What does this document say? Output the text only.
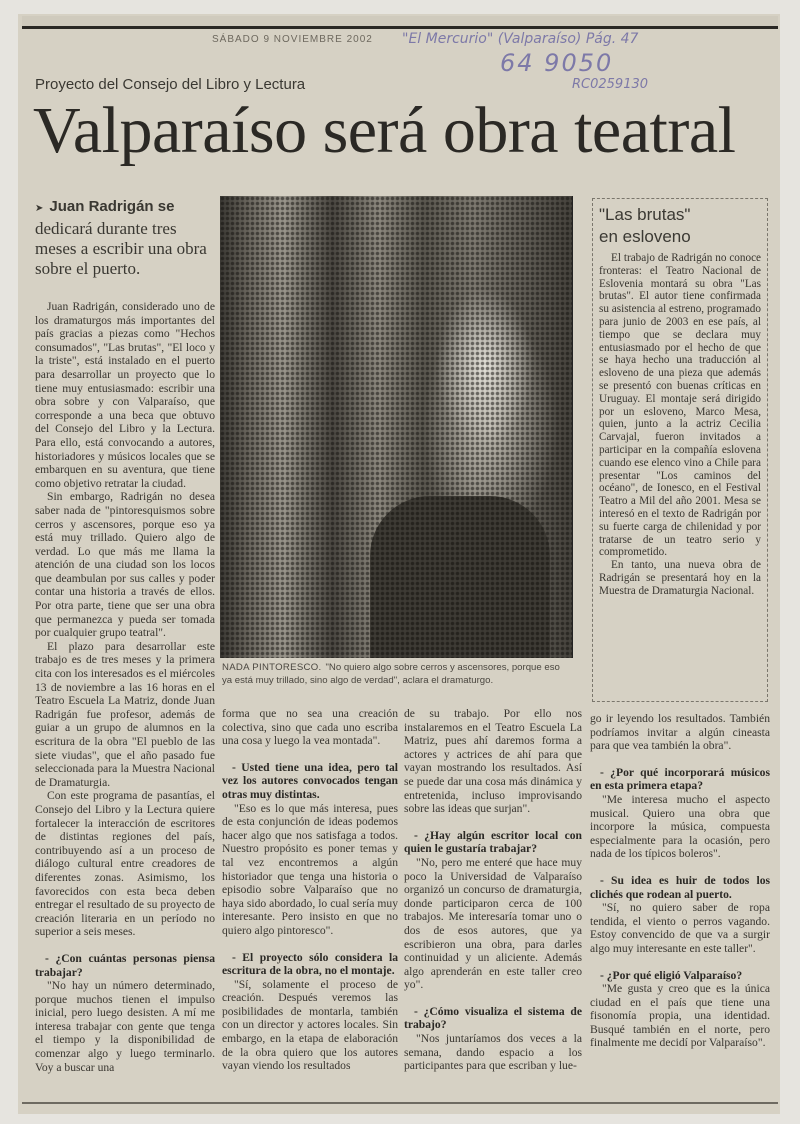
SÁBADO 9 NOVIEMBRE 2002 "El Mercurio" (Valparaíso) Pág. 47
64 9050
RC0259130
Proyecto del Consejo del Libro y Lectura
Valparaíso será obra teatral
➤ Juan Radrigán se dedicará durante tres meses a escribir una obra sobre el puerto.

Juan Radrigán, considerado uno de los dramaturgos más importantes del país gracias a piezas como "Hechos consumados", "Las brutas", "El loco y la triste", está instalado en el puerto para desarrollar un proyecto que lo tiene muy entusiasmado: escribir una obra sobre y con Valparaíso, que corresponde a una beca que obtuvo del Consejo del Libro y la Lectura. Para ello, está convocando a autores, historiadores y músicos locales que se embarquen en su aventura, que tiene como objetivo retratar la ciudad.

Sin embargo, Radrigán no desea saber nada de "pintoresquismos sobre cerros y ascensores, porque eso ya está muy trillado. Quiero algo de verdad. Lo que más me llama la atención de una ciudad son los locos que deambulan por sus calles y poder contar una historia a través de ellos. Por otra parte, tiene que ser una obra que permanezca y pueda ser tomada por cualquier grupo teatral".

El plazo para desarrollar este trabajo es de tres meses y la primera cita con los interesados es el miércoles 13 de noviembre a las 16 horas en el Teatro Escuela La Matriz, donde Juan Radrigán fue profesor, además de guiar a un grupo de alumnos en la escritura de la obra "El pueblo de las siete viudas", que el año pasado fue seleccionada para la Muestra Nacional de Dramaturgia.

Con este programa de pasantías, el Consejo del Libro y la Lectura quiere fortalecer la interacción de escritores de distintas regiones del país, contribuyendo así a un proceso de diálogo cultural entre creadores de diferentes zonas. Asimismo, los favorecidos con esta beca deben entregar el resultado de su proyecto de creación literaria en un período no superior a seis meses.

- ¿Con cuántas personas piensa trabajar?

"No hay un número determinado, porque muchos tienen el impulso inicial, pero luego desisten. A mí me interesa trabajar con gente que tenga el tiempo y la disponibilidad de comenzar algo y luego terminarlo. Voy a buscar una

NADA PINTORESCO. "No quiero algo sobre cerros y ascensores, porque eso ya está muy trillado, sino algo de verdad", aclara el dramaturgo.
"Las brutas"
en esloveno

El trabajo de Radrigán no conoce fronteras: el Teatro Nacional de Eslovenia montará su obra "Las brutas". El autor tiene confirmada su asistencia al estreno, programado para junio de 2003 en ese país, al tiempo que se declara muy entusiasmado por el hecho de que se haya hecho una traducción al esloveno de una pieza que además se presentó con buenas críticas en Uruguay. El montaje será dirigido por un esloveno, Marco Mesa, quien, junto a la actriz Cecilia Carvajal, fueron invitados a participar en la compañía eslovena cuando ese elenco vino a Chile para presentar "Los caminos del océano", de Ionesco, en el Festival Teatro a Mil del año 2001. Mesa se interesó en el texto de Radrigán por su fuerte carga de chilenidad y por tratarse de un teatro serio y comprometido.

En tanto, una nueva obra de Radrigán se presentará hoy en la Muestra de Dramaturgia Nacional.

forma que no sea una creación colectiva, sino que cada uno escriba una cosa y luego la vea montada".

- Usted tiene una idea, pero tal vez los autores convocados tengan otras muy distintas.

"Eso es lo que más interesa, pues de esta conjunción de ideas podemos hacer algo que nos satisfaga a todos. Nuestro propósito es poner temas y tal vez encontremos a algún historiador que tenga una historia o episodio sobre Valparaíso que no haya sido abordado, lo cual sería muy interesante. Pero insisto en que no quiero algo pintoresco".

- El proyecto sólo considera la escritura de la obra, no el montaje.

"Sí, solamente el proceso de creación. Después veremos las posibilidades de montarla, también con un director y actores locales. Sin embargo, en la etapa de elaboración de la obra quiero que los autores vayan viendo los resultados

de su trabajo. Por ello nos instalaremos en el Teatro Escuela La Matriz, pues ahí daremos forma a actores y actrices de ahí para que vayan mostrando los resultados. Así se puede dar una cosa más dinámica y entretenida, incluso improvisando sobre las ideas que surjan".

- ¿Hay algún escritor local con quien le gustaría trabajar?

"No, pero me enteré que hace muy poco la Universidad de Valparaíso organizó un concurso de dramaturgia, donde participaron cerca de 100 trabajos. Me interesaría tomar uno o dos de esos autores, que ya escribieron una obra, para darles continuidad y un aliciente. Además algo aprenderán en este taller creo yo".

- ¿Cómo visualiza el sistema de trabajo?

"Nos juntaríamos dos veces a la semana, dando espacio a los participantes para que escriban y lue-

go ir leyendo los resultados. También podríamos invitar a algún cineasta para que vea también la obra".

- ¿Por qué incorporará músicos en esta primera etapa?

"Me interesa mucho el aspecto musical. Quiero una obra que incorpore la música, compuesta especialmente para la ocasión, pero nada de los típicos boleros".

- Su idea es huir de todos los clichés que rodean al puerto.

"Sí, no quiero saber de ropa tendida, el viento o perros vagando. Estoy convencido de que va a surgir algo muy interesante en este taller".

- ¿Por qué eligió Valparaíso?

"Me gusta y creo que es la única ciudad en el país que tiene una fisonomía propia, una identidad. Busqué también en el norte, pero finalmente me decidí por Valparaíso".
